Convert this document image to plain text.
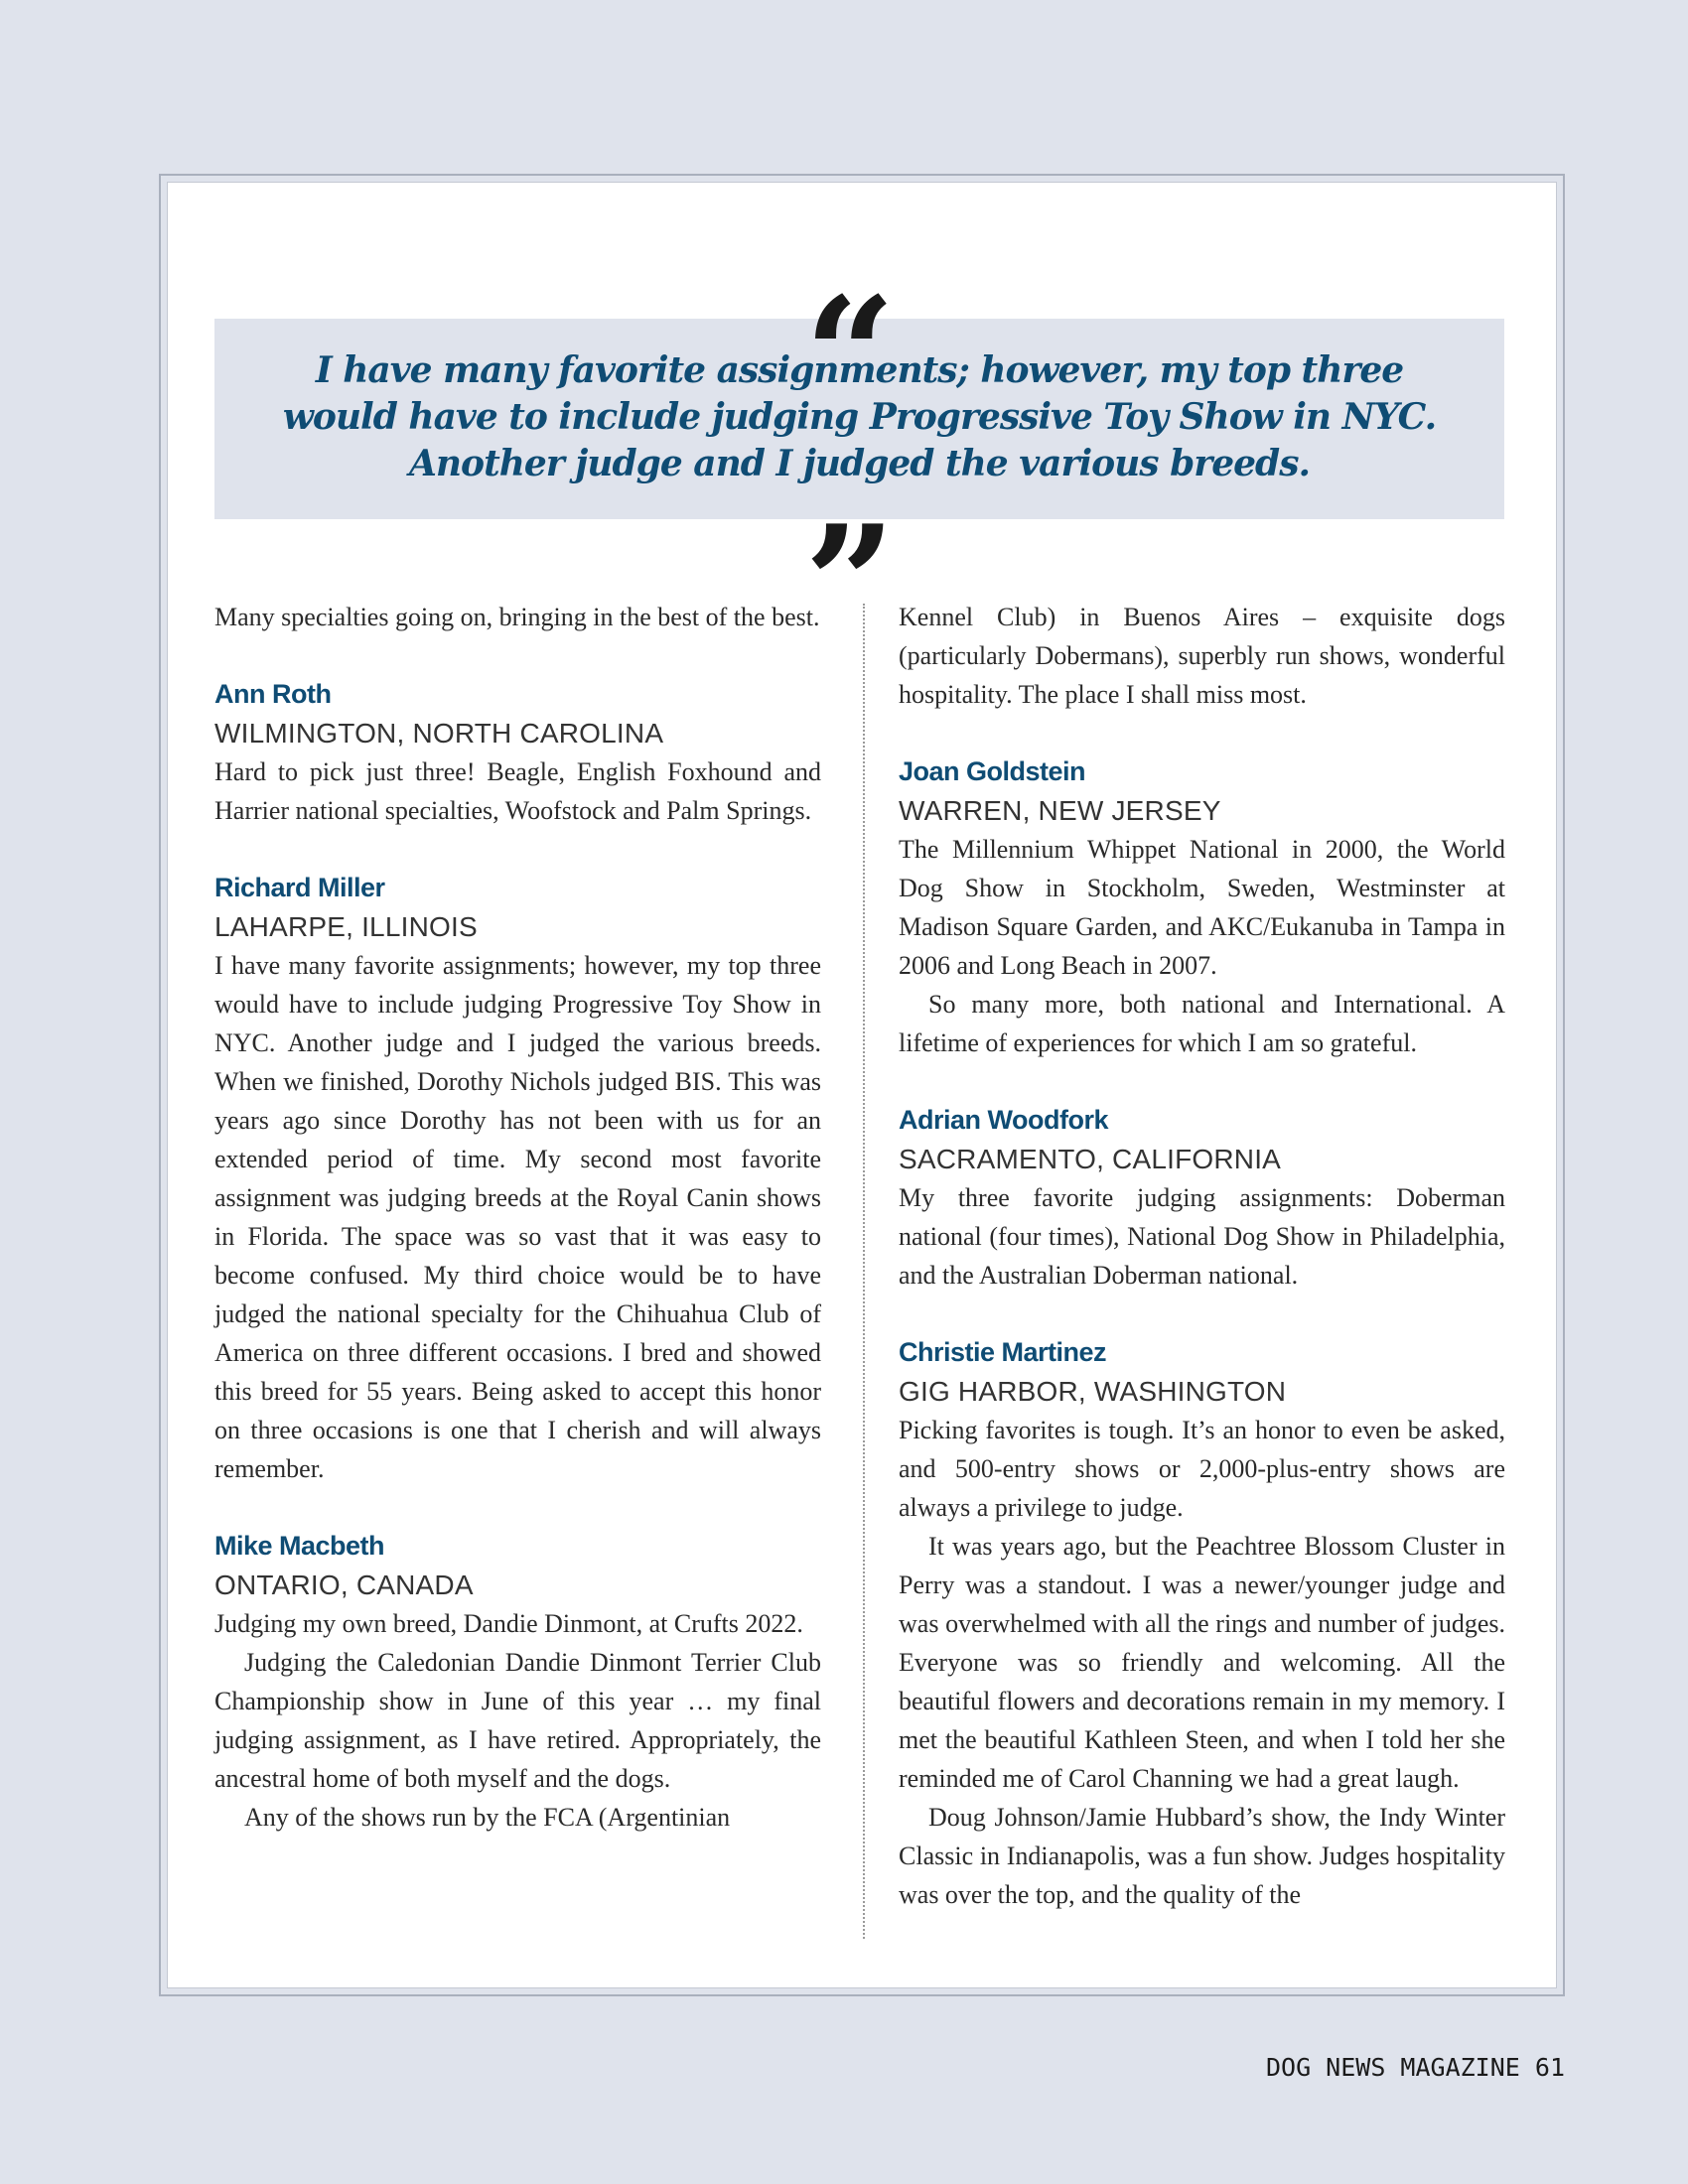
“
I have many favorite assignments; however, my top three
would have to include judging Progressive Toy Show in NYC.
Another judge and I judged the various breeds.
”

Many specialties going on, bringing in the best of the best.

Ann Roth
WILMINGTON, NORTH CAROLINA

Hard to pick just three! Beagle, English Foxhound and Harrier national specialties, Woofstock and Palm Springs.

Richard Miller
LAHARPE, ILLINOIS

I have many favorite assignments; however, my top three would have to include judging Progressive Toy Show in NYC. Another judge and I judged the various breeds. When we finished, Dorothy Nichols judged BIS. This was years ago since Dorothy has not been with us for an extended period of time. My second most favorite assignment was judging breeds at the Royal Canin shows in Florida. The space was so vast that it was easy to become confused. My third choice would be to have judged the national specialty for the Chihuahua Club of America on three different occasions. I bred and showed this breed for 55 years. Being asked to accept this honor on three occasions is one that I cherish and will always remember.

Mike Macbeth
ONTARIO, CANADA

Judging my own breed, Dandie Dinmont, at Crufts 2022.

Judging the Caledonian Dandie Dinmont Terrier Club Championship show in June of this year … my final judging assignment, as I have retired. Appropriately, the ancestral home of both myself and the dogs.

Any of the shows run by the FCA (Argentinian

Kennel Club) in Buenos Aires – exquisite dogs (particularly Dobermans), superbly run shows, wonderful hospitality. The place I shall miss most.

Joan Goldstein
WARREN, NEW JERSEY

The Millennium Whippet National in 2000, the World Dog Show in Stockholm, Sweden, Westminster at Madison Square Garden, and AKC/Eukanuba in Tampa in 2006 and Long Beach in 2007.

So many more, both national and International. A lifetime of experiences for which I am so grateful.

Adrian Woodfork
SACRAMENTO, CALIFORNIA

My three favorite judging assignments: Doberman national (four times), National Dog Show in Philadelphia, and the Australian Doberman national.

Christie Martinez
GIG HARBOR, WASHINGTON

Picking favorites is tough. It’s an honor to even be asked, and 500-entry shows or 2,000-plus-entry shows are always a privilege to judge.

It was years ago, but the Peachtree Blossom Cluster in Perry was a standout. I was a newer/younger judge and was overwhelmed with all the rings and number of judges. Everyone was so friendly and welcoming. All the beautiful flowers and decorations remain in my memory. I met the beautiful Kathleen Steen, and when I told her she reminded me of Carol Channing we had a great laugh.

Doug Johnson/Jamie Hubbard’s show, the Indy Winter Classic in Indianapolis, was a fun show. Judges hospitality was over the top, and the quality of the

DOG NEWS MAGAZINE 61
